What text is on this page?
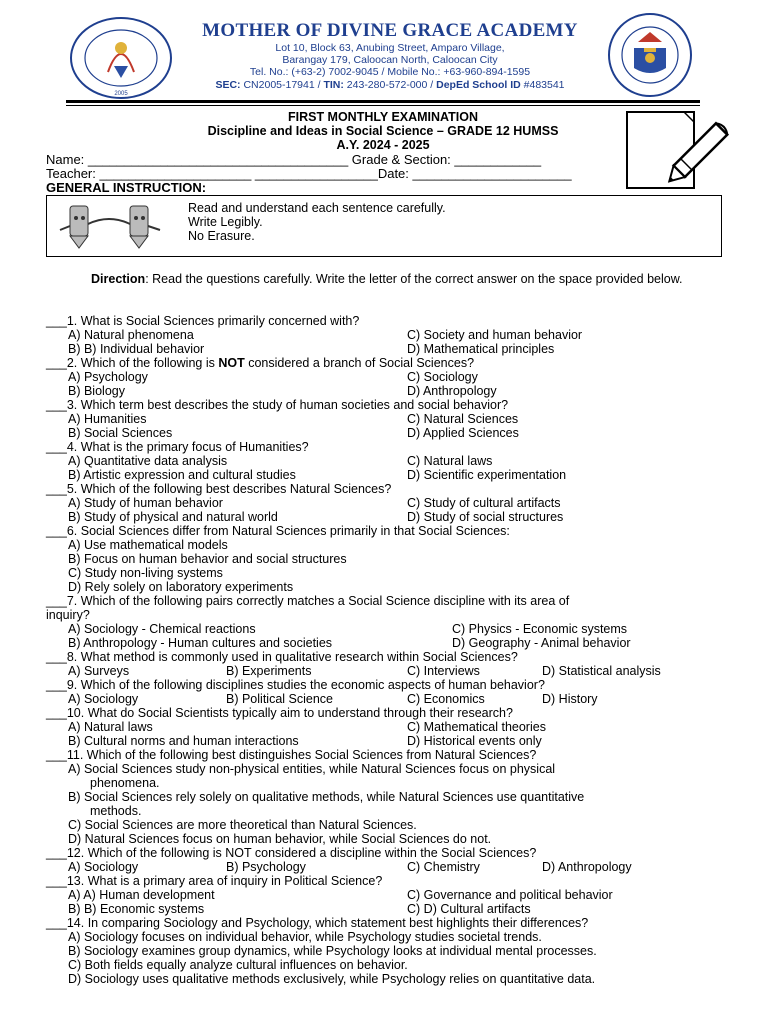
2005
MOTHER OF DIVINE GRACE ACADEMY
Lot 10, Block 63, Anubing Street, Amparo Village,
Barangay 179, Caloocan North, Caloocan City
Tel. No.: (+63-2) 7002-9045 / Mobile No.: +63-960-894-1595
SEC: CN2005-17941 / TIN: 243-280-572-000 / DepEd School ID #483541
FIRST MONTHLY EXAMINATION
Discipline and Ideas in Social Science – GRADE 12 HUMSS
A.Y. 2024 - 2025
Name: ____________________________________ Grade & Section: ____________
Teacher: _____________________ _________________Date: ______________________
GENERAL INSTRUCTION:
Read and understand each sentence carefully.
Write Legibly.
No Erasure.
Direction: Read the questions carefully. Write the letter of the correct answer on the space provided below.
___1. What is Social Sciences primarily concerned with?
A) Natural phenomena	C) Society and human behavior
B) B) Individual behavior	D) Mathematical principles
___2. Which of the following is NOT considered a branch of Social Sciences?
A) Psychology	C) Sociology
B) Biology	D) Anthropology
___3. Which term best describes the study of human societies and social behavior?
A) Humanities	C) Natural Sciences
B) Social Sciences	D) Applied Sciences
___4. What is the primary focus of Humanities?
A) Quantitative data analysis	C) Natural laws
B) Artistic expression and cultural studies	D) Scientific experimentation
___5. Which of the following best describes Natural Sciences?
A) Study of human behavior	C) Study of cultural artifacts
B) Study of physical and natural world	D) Study of social structures
___6. Social Sciences differ from Natural Sciences primarily in that Social Sciences:
A) Use mathematical models
B) Focus on human behavior and social structures
C) Study non-living systems
D) Rely solely on laboratory experiments
___7. Which of the following pairs correctly matches a Social Science discipline with its area of
inquiry?
A) Sociology - Chemical reactions	C) Physics - Economic systems
B) Anthropology - Human cultures and societies	D) Geography - Animal behavior
___8. What method is commonly used in qualitative research within Social Sciences?
A) Surveys	B) Experiments	C) Interviews	D) Statistical analysis
___9. Which of the following disciplines studies the economic aspects of human behavior?
A) Sociology	B) Political Science	C) Economics	D) History
___10. What do Social Scientists typically aim to understand through their research?
A) Natural laws	C) Mathematical theories
B) Cultural norms and human interactions	D) Historical events only
___11. Which of the following best distinguishes Social Sciences from Natural Sciences?
A) Social Sciences study non-physical entities, while Natural Sciences focus on physical
phenomena.
B) Social Sciences rely solely on qualitative methods, while Natural Sciences use quantitative
methods.
C) Social Sciences are more theoretical than Natural Sciences.
D) Natural Sciences focus on human behavior, while Social Sciences do not.
___12. Which of the following is NOT considered a discipline within the Social Sciences?
A) Sociology	B) Psychology	C) Chemistry	D) Anthropology
___13. What is a primary area of inquiry in Political Science?
A) A) Human development	C) Governance and political behavior
B) B) Economic systems	C) D) Cultural artifacts
___14. In comparing Sociology and Psychology, which statement best highlights their differences?
A) Sociology focuses on individual behavior, while Psychology studies societal trends.
B) Sociology examines group dynamics, while Psychology looks at individual mental processes.
C) Both fields equally analyze cultural influences on behavior.
D) Sociology uses qualitative methods exclusively, while Psychology relies on quantitative data.
